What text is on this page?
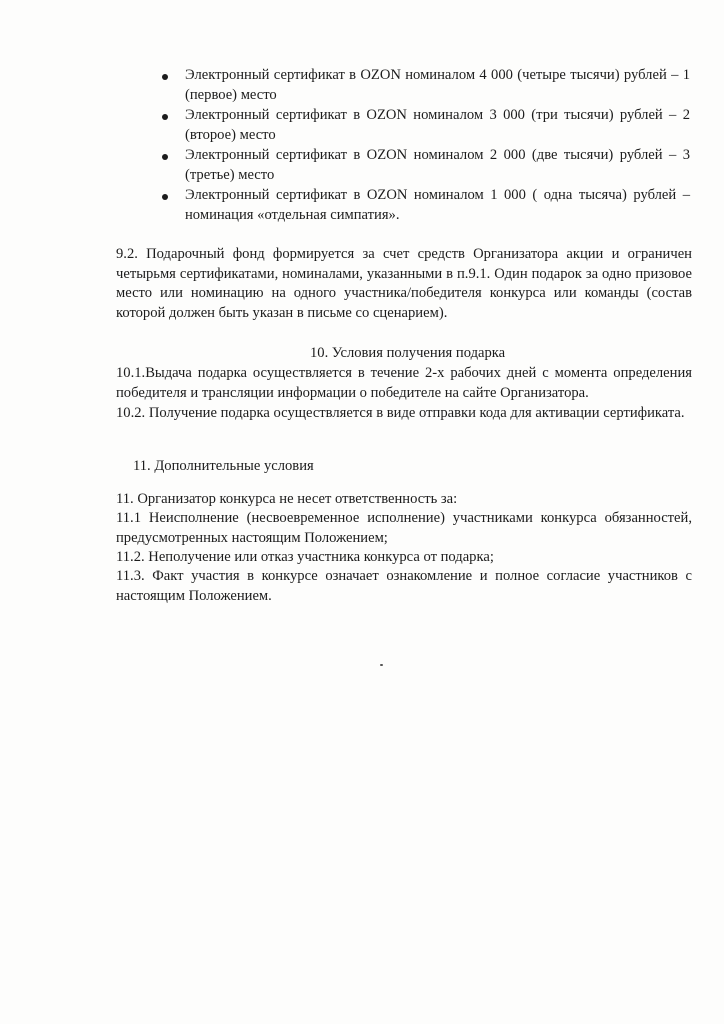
Электронный сертификат в OZON номиналом 4 000 (четыре тысячи) рублей – 1 (первое) место
Электронный сертификат в OZON номиналом 3 000 (три тысячи) рублей – 2 (второе) место
Электронный сертификат в OZON номиналом 2 000 (две тысячи) рублей – 3 (третье) место
Электронный сертификат в OZON номиналом 1 000 ( одна тысяча) рублей – номинация «отдельная симпатия».

9.2. Подарочный фонд формируется за счет средств Организатора акции и ограничен четырьмя сертификатами, номиналами, указанными в п.9.1. Один подарок за одно призовое место или номинацию на одного участника/победителя конкурса или команды (состав которой должен быть указан в письме со сценарием).

10. Условия получения подарка

10.1.Выдача подарка осуществляется в течение 2-х рабочих дней с момента определения победителя и трансляции информации о победителе на сайте Организатора.

10.2. Получение подарка осуществляется в виде отправки кода для активации сертификата.

11. Дополнительные условия

11. Организатор конкурса не несет ответственность за:

11.1 Неисполнение (несвоевременное исполнение) участниками конкурса обязанностей, предусмотренных настоящим Положением;

11.2. Неполучение или отказ участника конкурса от подарка;

11.3. Факт участия в конкурсе означает ознакомление и полное согласие участников с настоящим Положением.
